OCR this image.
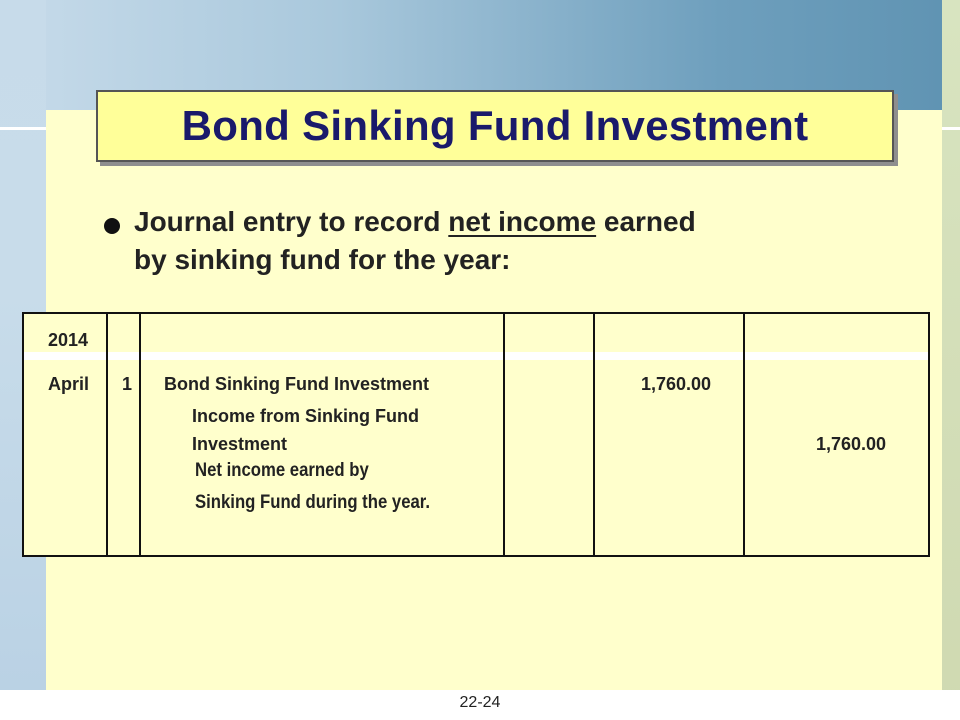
22-24
Bond Sinking Fund Investment
Journal entry to record net income earned
by sinking fund for the year:
2014
April 1 Bond Sinking Fund Investment	1,760.00
Income from Sinking Fund
Investment	1,760.00
Net income earned by
Sinking Fund during the year.
